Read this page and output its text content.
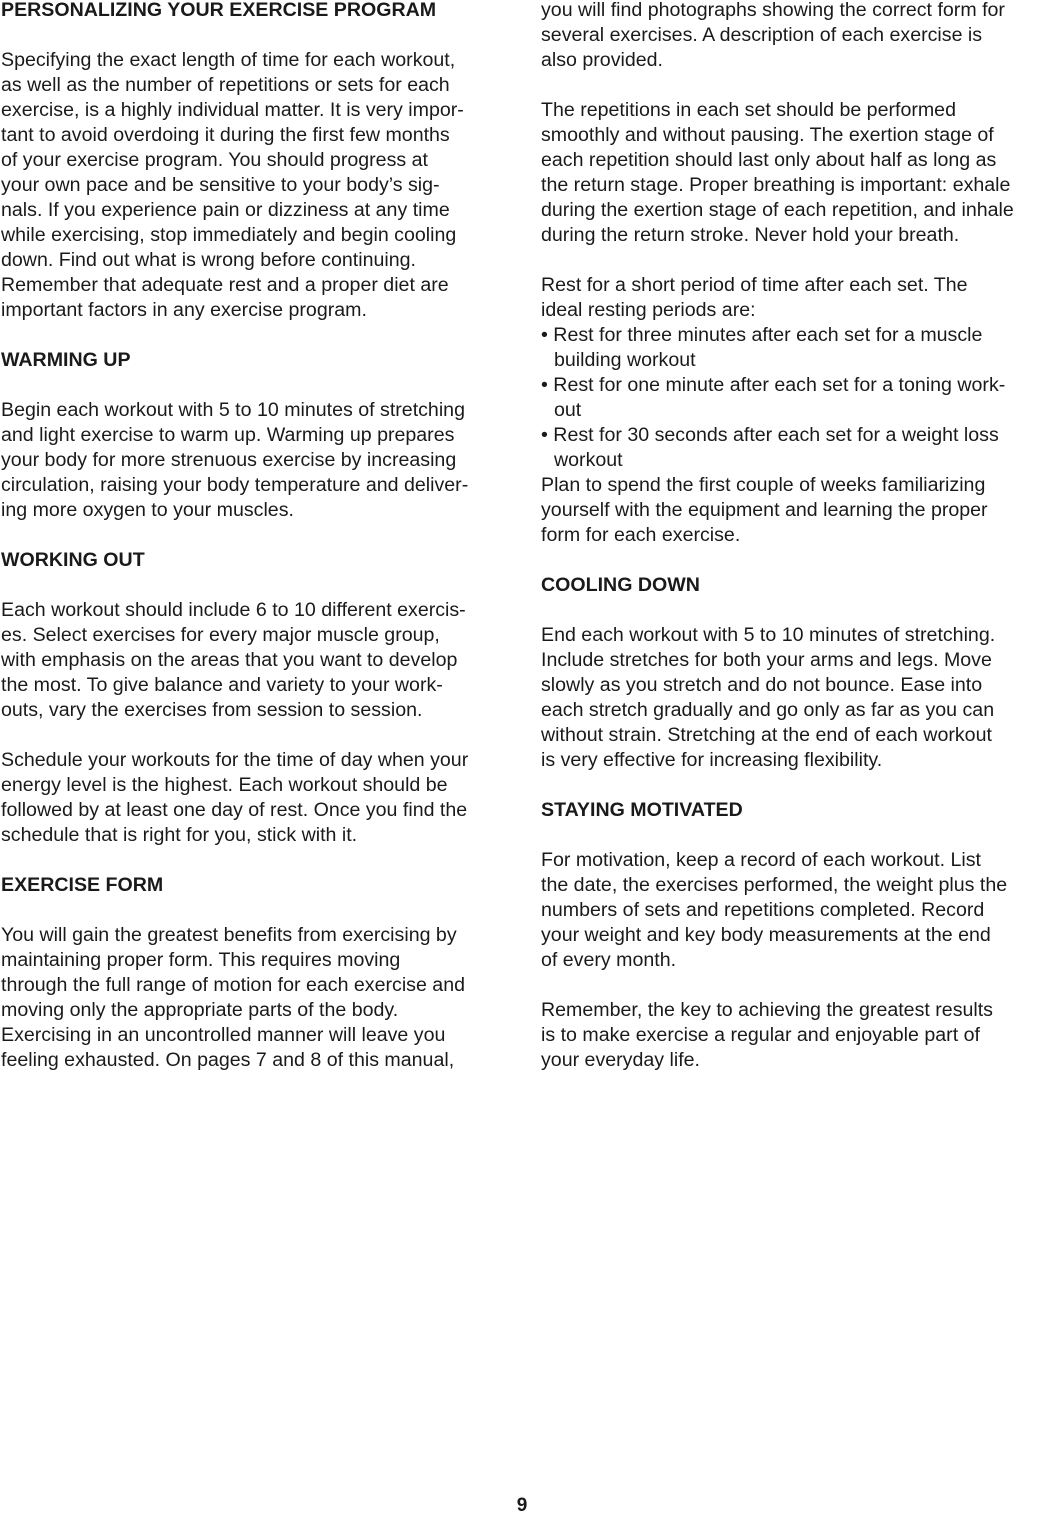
PERSONALIZING YOUR EXERCISE PROGRAM
Specifying the exact length of time for each workout,
as well as the number of repetitions or sets for each
exercise, is a highly individual matter. It is very impor-
tant to avoid overdoing it during the first few months
of your exercise program. You should progress at
your own pace and be sensitive to your body’s sig-
nals. If you experience pain or dizziness at any time
while exercising, stop immediately and begin cooling
down. Find out what is wrong before continuing.
Remember that adequate rest and a proper diet are
important factors in any exercise program.
WARMING UP
Begin each workout with 5 to 10 minutes of stretching
and light exercise to warm up. Warming up prepares
your body for more strenuous exercise by increasing
circulation, raising your body temperature and deliver-
ing more oxygen to your muscles.
WORKING OUT
Each workout should include 6 to 10 different exercis-
es. Select exercises for every major muscle group,
with emphasis on the areas that you want to develop
the most. To give balance and variety to your work-
outs, vary the exercises from session to session.
Schedule your workouts for the time of day when your
energy level is the highest. Each workout should be
followed by at least one day of rest. Once you find the
schedule that is right for you, stick with it.
EXERCISE FORM
You will gain the greatest benefits from exercising by
maintaining proper form. This requires moving
through the full range of motion for each exercise and
moving only the appropriate parts of the body.
Exercising in an uncontrolled manner will leave you
feeling exhausted. On pages 7 and 8 of this manual,
you will find photographs showing the correct form for
several exercises. A description of each exercise is
also provided.
The repetitions in each set should be performed
smoothly and without pausing. The exertion stage of
each repetition should last only about half as long as
the return stage. Proper breathing is important: exhale
during the exertion stage of each repetition, and inhale
during the return stroke. Never hold your breath.
Rest for a short period of time after each set. The
ideal resting periods are:
• Rest for three minutes after each set for a muscle
building workout
• Rest for one minute after each set for a toning work-
out
• Rest for 30 seconds after each set for a weight loss
workout
Plan to spend the first couple of weeks familiarizing
yourself with the equipment and learning the proper
form for each exercise.
COOLING DOWN
End each workout with 5 to 10 minutes of stretching.
Include stretches for both your arms and legs. Move
slowly as you stretch and do not bounce. Ease into
each stretch gradually and go only as far as you can
without strain. Stretching at the end of each workout
is very effective for increasing flexibility.
STAYING MOTIVATED
For motivation, keep a record of each workout. List
the date, the exercises performed, the weight plus the
numbers of sets and repetitions completed. Record
your weight and key body measurements at the end
of every month.
Remember, the key to achieving the greatest results
is to make exercise a regular and enjoyable part of
your everyday life.
9
